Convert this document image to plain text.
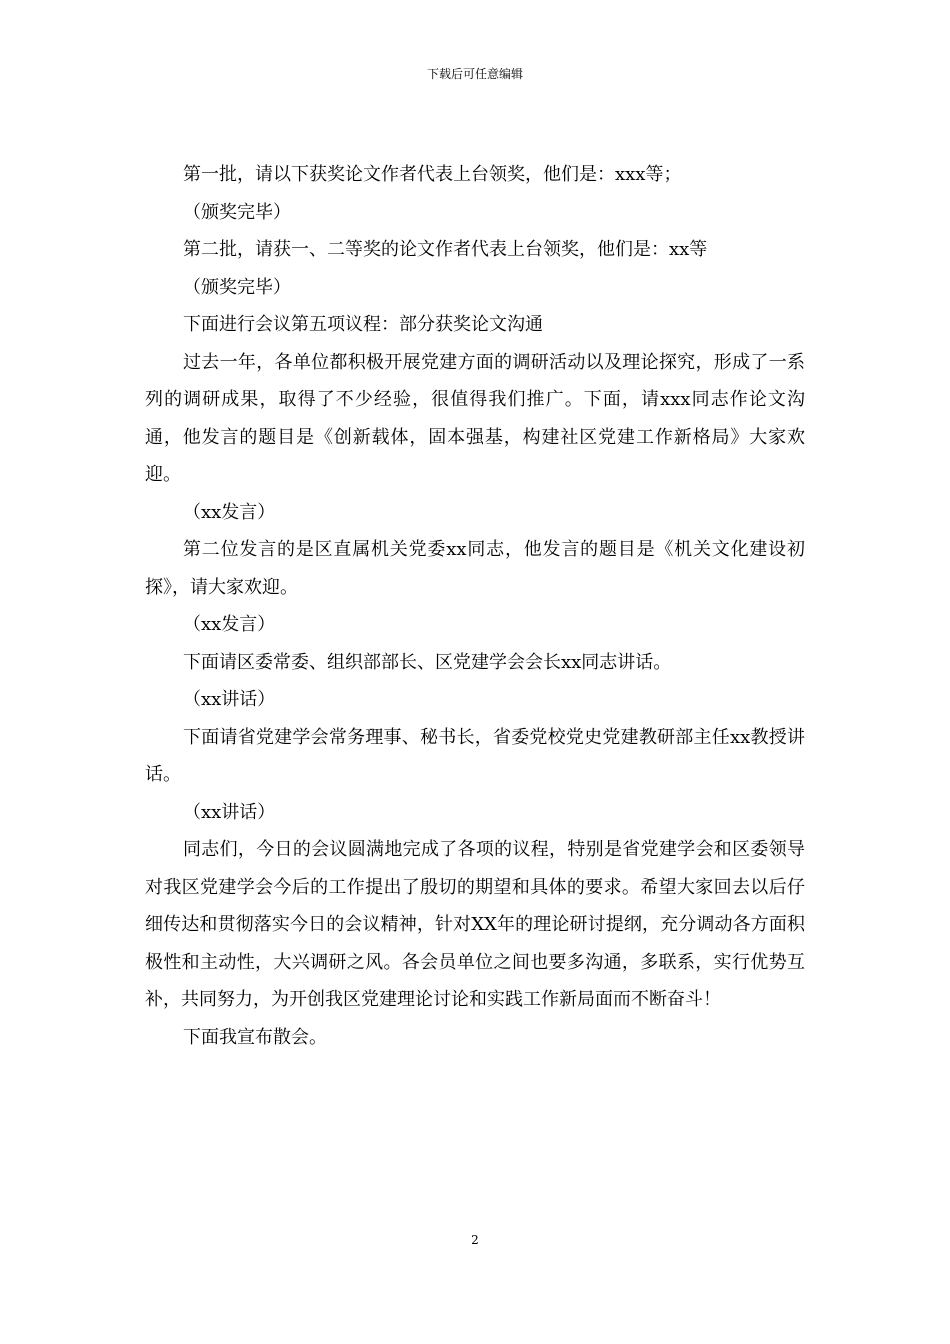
下载后可任意编辑

第一批，请以下获奖论文作者代表上台领奖，他们是：xxx等；

（颁奖完毕）

第二批，请获一、二等奖的论文作者代表上台领奖，他们是：xx等

（颁奖完毕）

下面进行会议第五项议程：部分获奖论文沟通

过去一年，各单位都积极开展党建方面的调研活动以及理论探究，形成了一系列的调研成果，取得了不少经验，很值得我们推广。下面，请xxx同志作论文沟通，他发言的题目是《创新载体，固本强基，构建社区党建工作新格局》大家欢迎。

（xx发言）

第二位发言的是区直属机关党委xx同志，他发言的题目是《机关文化建设初探》，请大家欢迎。

（xx发言）

下面请区委常委、组织部部长、区党建学会会长xx同志讲话。

（xx讲话）

下面请省党建学会常务理事、秘书长，省委党校党史党建教研部主任xx教授讲话。

（xx讲话）

同志们，今日的会议圆满地完成了各项的议程，特别是省党建学会和区委领导对我区党建学会今后的工作提出了殷切的期望和具体的要求。希望大家回去以后仔细传达和贯彻落实今日的会议精神，针对XX年的理论研讨提纲，充分调动各方面积极性和主动性，大兴调研之风。各会员单位之间也要多沟通，多联系，实行优势互补，共同努力，为开创我区党建理论讨论和实践工作新局面而不断奋斗！

下面我宣布散会。

2
